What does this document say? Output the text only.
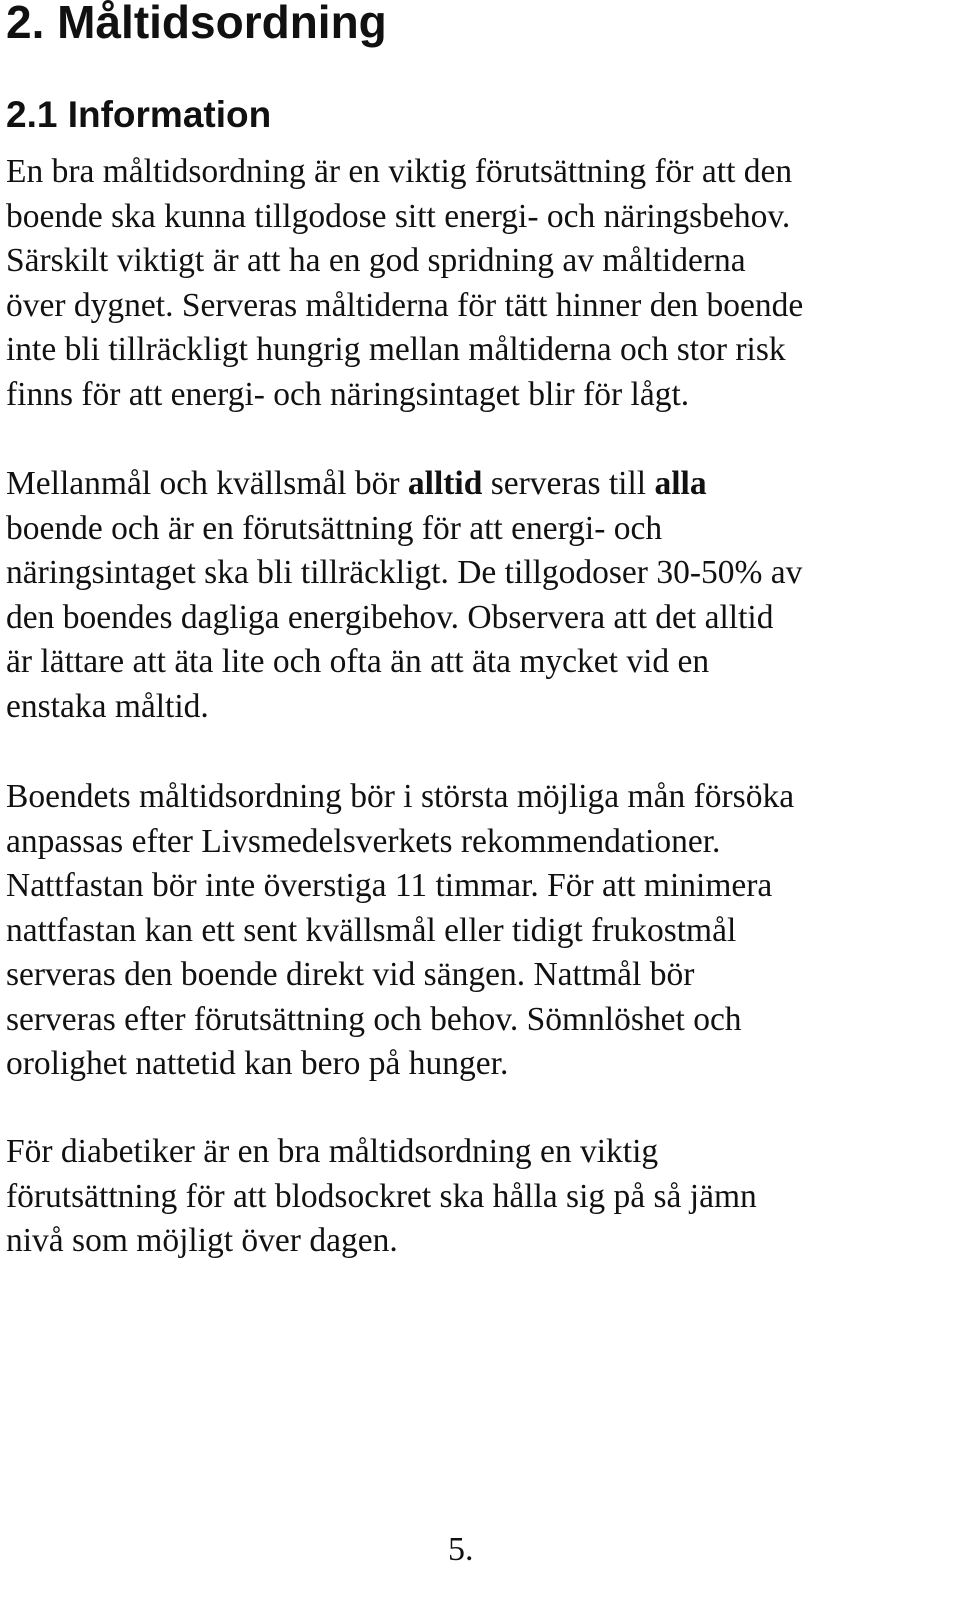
2. Måltidsordning
2.1 Information

En bra måltidsordning är en viktig förutsättning för att den
boende ska kunna tillgodose sitt energi- och näringsbehov.
Särskilt viktigt är att ha en god spridning av måltiderna
över dygnet. Serveras måltiderna för tätt hinner den boende
inte bli tillräckligt hungrig mellan måltiderna och stor risk
finns för att energi- och näringsintaget blir för lågt.

Mellanmål och kvällsmål bör alltid serveras till alla
boende och är en förutsättning för att energi- och
näringsintaget ska bli tillräckligt. De tillgodoser 30-50% av
den boendes dagliga energibehov. Observera att det alltid
är lättare att äta lite och ofta än att äta mycket vid en
enstaka måltid.

Boendets måltidsordning bör i största möjliga mån försöka
anpassas efter Livsmedelsverkets rekommendationer.
Nattfastan bör inte överstiga 11 timmar. För att minimera
nattfastan kan ett sent kvällsmål eller tidigt frukostmål
serveras den boende direkt vid sängen. Nattmål bör
serveras efter förutsättning och behov. Sömnlöshet och
orolighet nattetid kan bero på hunger.

För diabetiker är en bra måltidsordning en viktig
förutsättning för att blodsockret ska hålla sig på så jämn
nivå som möjligt över dagen.

5.
